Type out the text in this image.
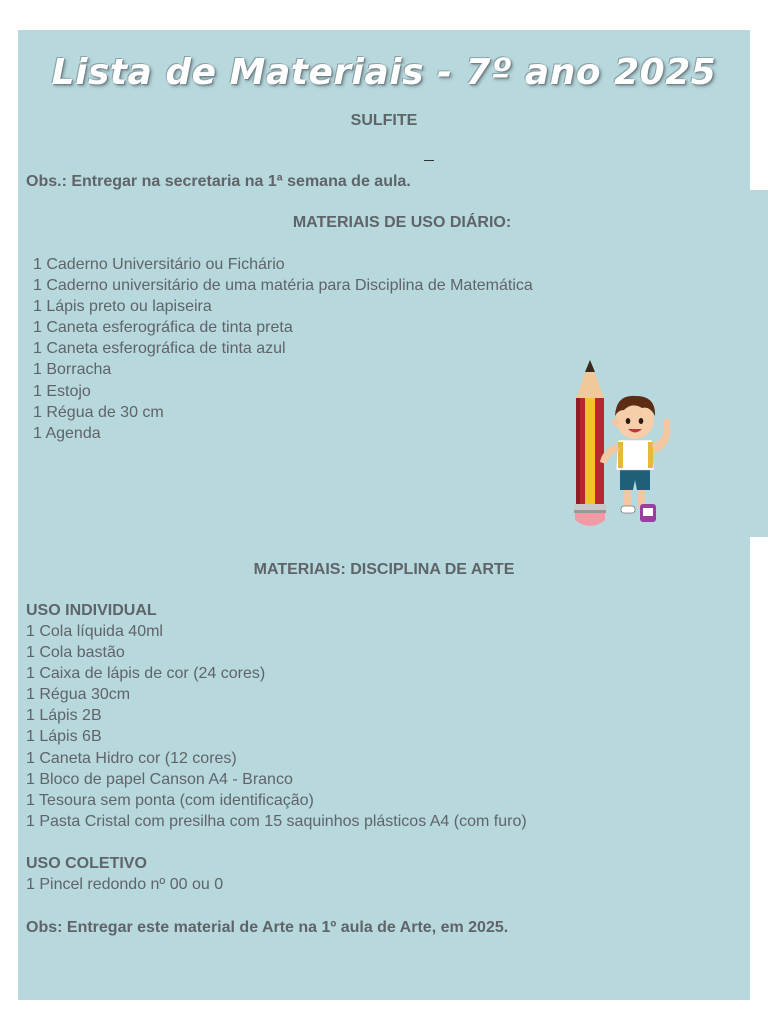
Lista de Materiais - 7º ano 2025
SULFITE
Obs.: Entregar na secretaria na 1ª semana de aula.
MATERIAIS DE USO DIÁRIO:
1 Caderno Universitário ou Fichário
1 Caderno universitário de uma matéria para Disciplina de Matemática
1 Lápis preto ou lapiseira
1 Caneta esferográfica de tinta preta
1 Caneta esferográfica de tinta azul
1 Borracha
1 Estojo
1 Régua de 30 cm
1 Agenda
MATERIAIS: DISCIPLINA DE ARTE
USO INDIVIDUAL
1 Cola líquida 40ml
1 Cola bastão
1 Caixa de lápis de cor (24 cores)
1 Régua 30cm
1 Lápis 2B
1 Lápis 6B
1 Caneta Hidro cor (12 cores)
1 Bloco de papel Canson A4 - Branco
1 Tesoura sem ponta (com identificação)
1 Pasta Cristal com presilha com 15 saquinhos plásticos A4 (com furo)
USO COLETIVO
1 Pincel redondo nº 00 ou 0
Obs: Entregar este material de Arte na 1º aula de Arte, em 2025.
